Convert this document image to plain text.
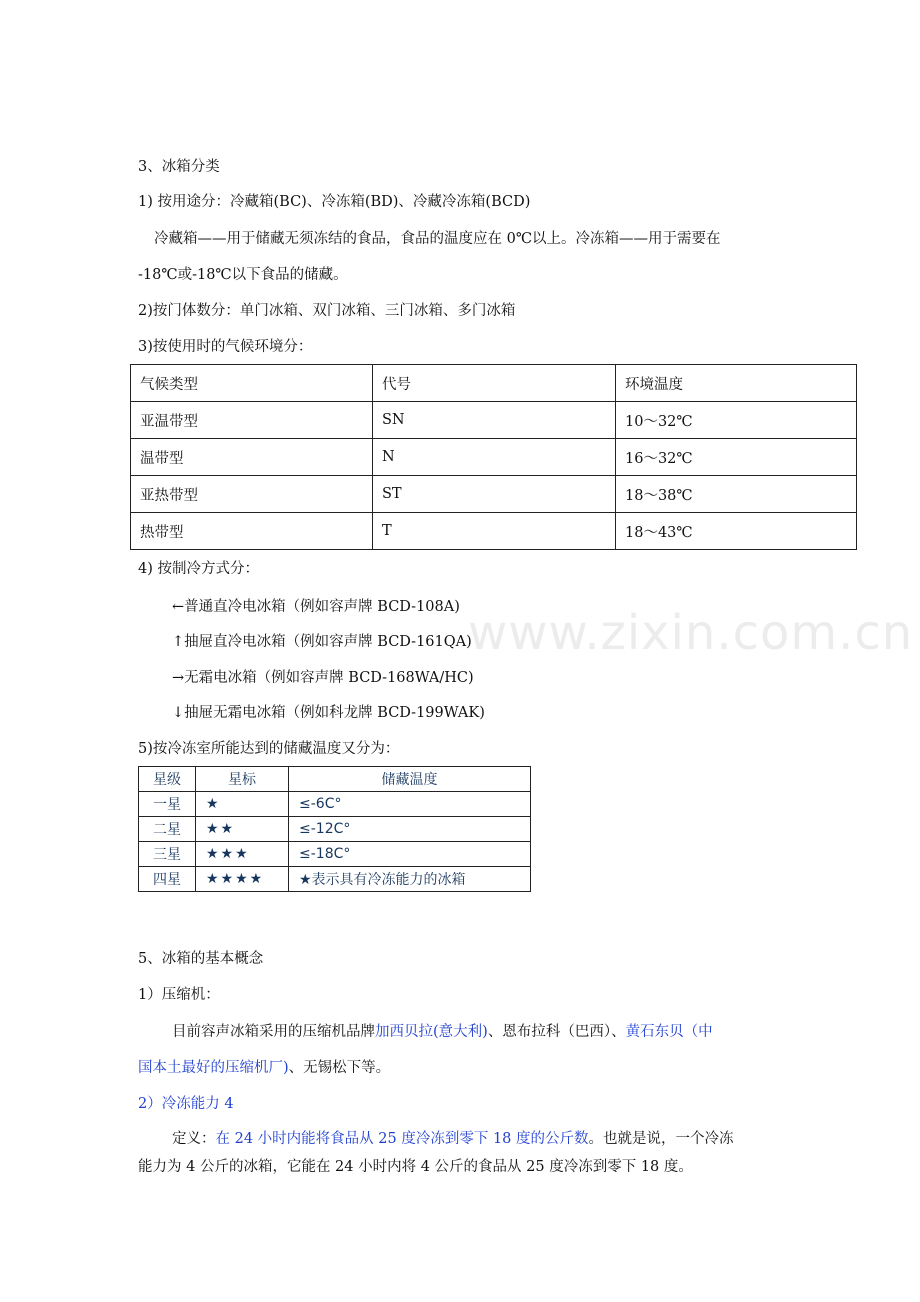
www.zixin.com.cn
3、冰箱分类
1) 按用途分：冷藏箱(BC)、冷冻箱(BD)、冷藏冷冻箱(BCD)
冷藏箱——用于储藏无须冻结的食品，食品的温度应在 0℃以上。冷冻箱——用于需要在
-18℃或-18℃以下食品的储藏。
2)按门体数分：单门冰箱、双门冰箱、三门冰箱、多门冰箱
3)按使用时的气候环境分：
气候类型	代号	环境温度
亚温带型	SN	10～32℃
温带型	N	16～32℃
亚热带型	ST	18～38℃
热带型	T	18～43℃
4) 按制冷方式分：
←普通直冷电冰箱（例如容声牌 BCD-108A)
↑抽屉直冷电冰箱（例如容声牌 BCD-161QA)
→无霜电冰箱（例如容声牌 BCD-168WA/HC)
↓抽屉无霜电冰箱（例如科龙牌 BCD-199WAK)
5)按冷冻室所能达到的储藏温度又分为：
星级	星标	储藏温度
一星	★	≤-6C°
二星	★★	≤-12C°
三星	★★★	≤-18C°
四星	★★★★	★表示具有冷冻能力的冰箱
5、冰箱的基本概念
1）压缩机：
目前容声冰箱采用的压缩机品牌加西贝拉(意大利)、恩布拉科（巴西）、黄石东贝（中
国本土最好的压缩机厂)、无锡松下等。
2）冷冻能力 4
定义：在 24 小时内能将食品从 25 度冷冻到零下 18 度的公斤数。也就是说，一个冷冻
能力为 4 公斤的冰箱，它能在 24 小时内将 4 公斤的食品从 25 度冷冻到零下 18 度。
